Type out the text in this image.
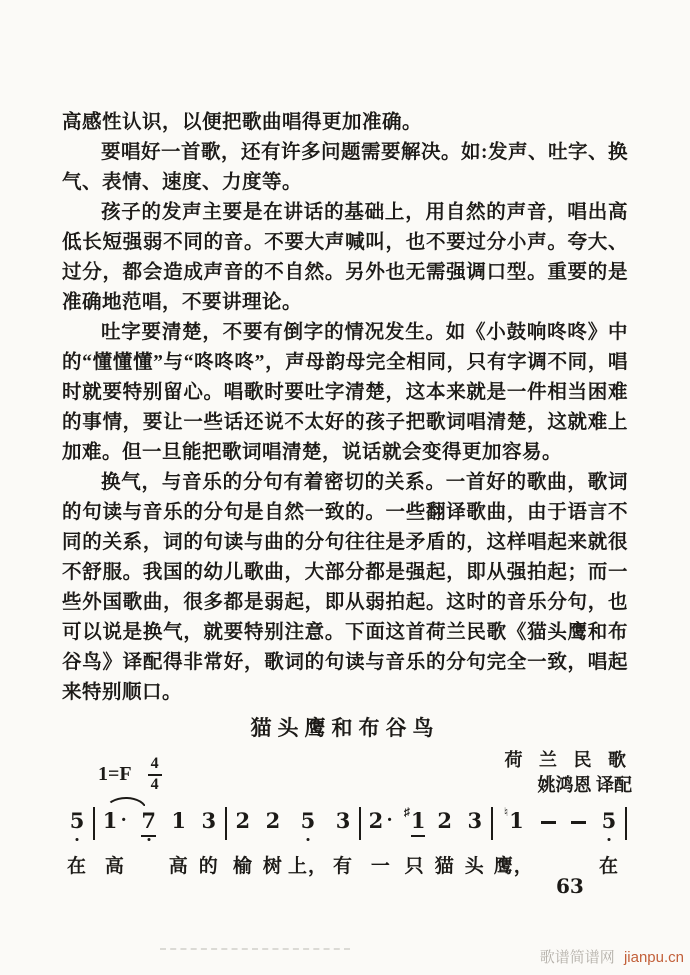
高感性认识，以便把歌曲唱得更加准确。

要唱好一首歌，还有许多问题需要解决。如:发声、吐字、换气、表情、速度、力度等。

孩子的发声主要是在讲话的基础上，用自然的声音，唱出高低长短强弱不同的音。不要大声喊叫，也不要过分小声。夸大、过分，都会造成声音的不自然。另外也无需强调口型。重要的是准确地范唱，不要讲理论。

吐字要清楚，不要有倒字的情况发生。如《小鼓响咚咚》中的“懂懂懂”与“咚咚咚”，声母韵母完全相同，只有字调不同，唱时就要特别留心。唱歌时要吐字清楚，这本来就是一件相当困难的事情，要让一些话还说不太好的孩子把歌词唱清楚，这就难上加难。但一旦能把歌词唱清楚，说话就会变得更加容易。

换气，与音乐的分句有着密切的关系。一首好的歌曲，歌词的句读与音乐的分句是自然一致的。一些翻译歌曲，由于语言不同的关系，词的句读与曲的分句往往是矛盾的，这样唱起来就很不舒服。我国的幼儿歌曲，大部分都是强起，即从强拍起；而一些外国歌曲，很多都是弱起，即从弱拍起。这时的音乐分句，也可以说是换气，就要特别注意。下面这首荷兰民歌《猫头鹰和布谷鸟》译配得非常好，歌词的句读与音乐的分句完全一致，唱起来特别顺口。

猫头鹰和布谷鸟
$1=F \frac{4}{4}$	荷 兰 民 歌
姚鸿恩 译配
5
在
1 ·
高
7 1
高
3
的
2
榆
2
树
5
上，
3
有
2 ·
一
♯ 1
只
2
猫
3
头
♮ 1
鹰，
5
在
63
歌谱简谱网 jianpu.cn
